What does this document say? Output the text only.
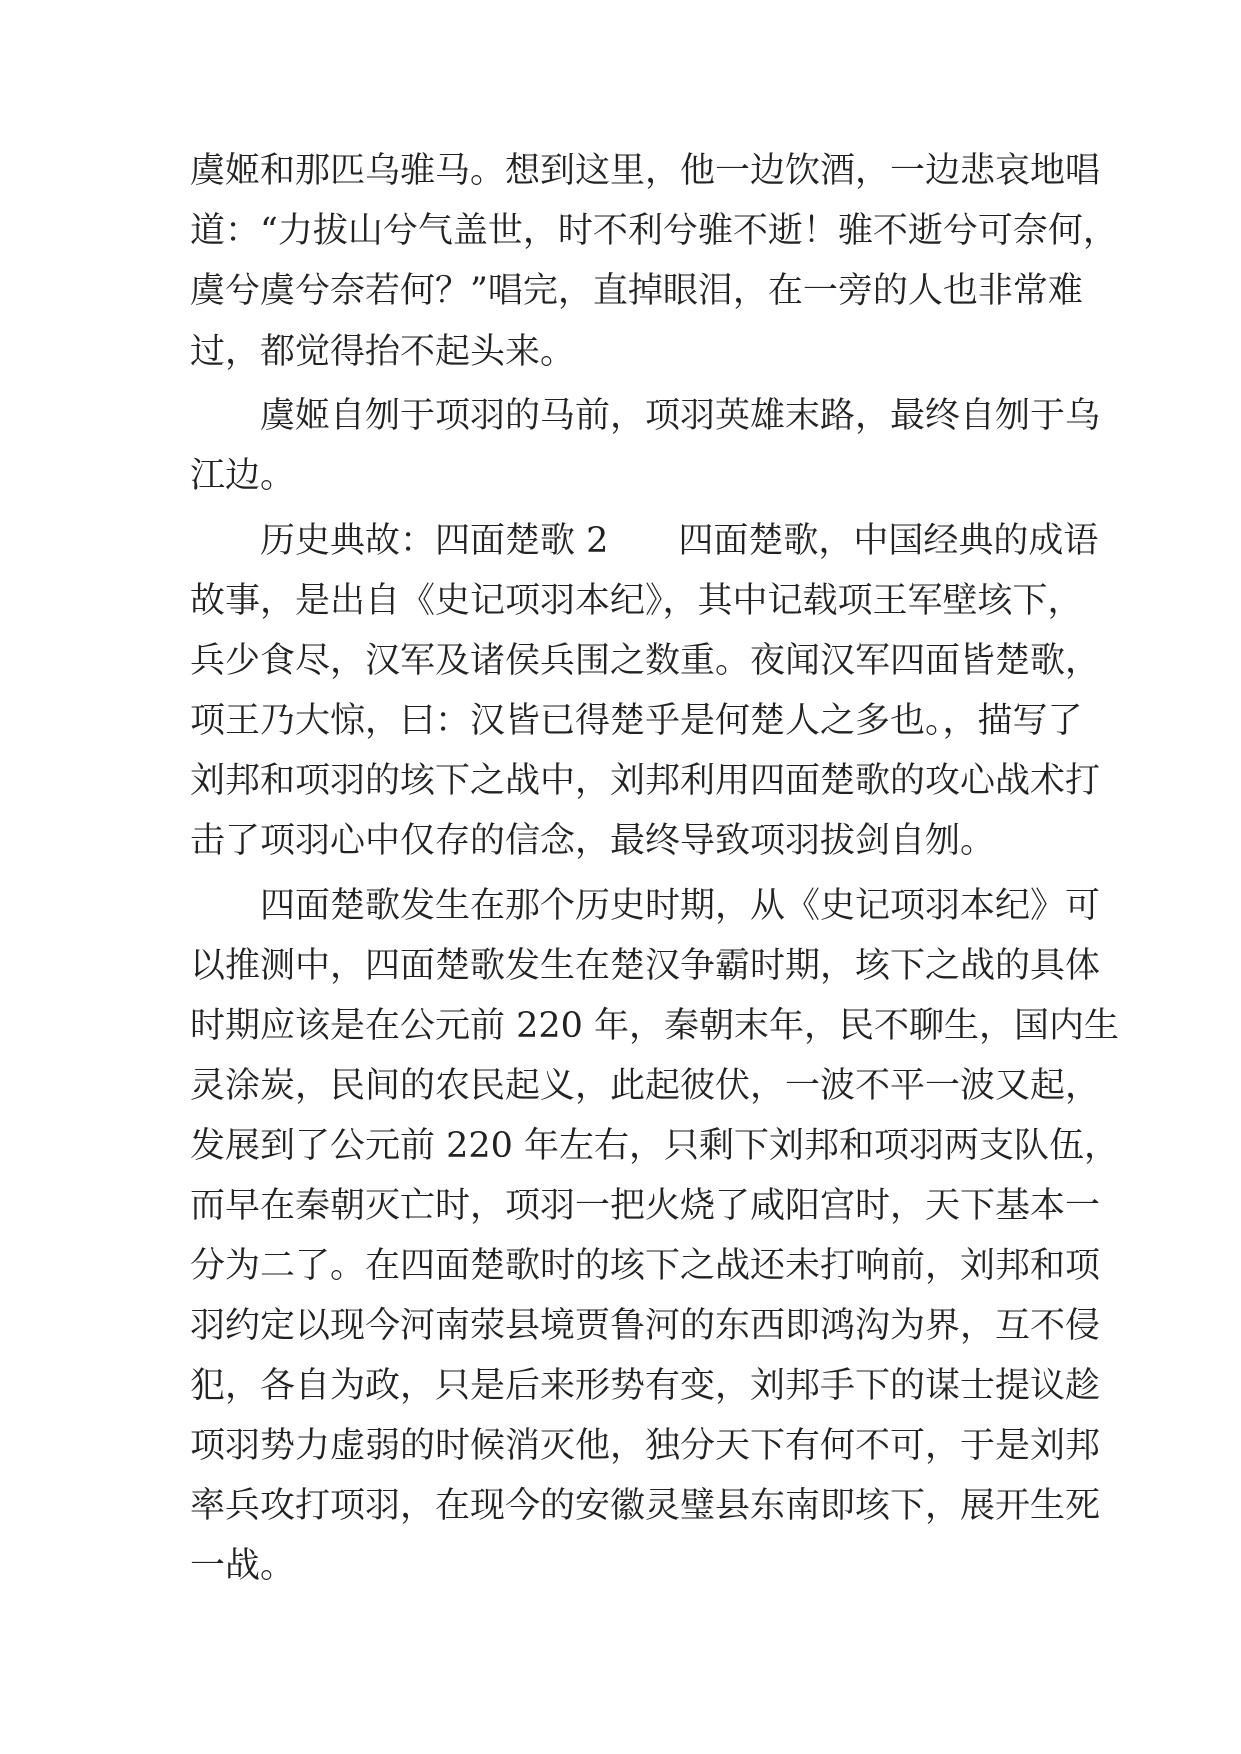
虞姬和那匹乌骓马。想到这里，他一边饮酒，一边悲哀地唱

道：“力拔山兮气盖世，时不利兮骓不逝！骓不逝兮可奈何，

虞兮虞兮奈若何？”唱完，直掉眼泪，在一旁的人也非常难

过，都觉得抬不起头来。

虞姬自刎于项羽的马前，项羽英雄末路，最终自刎于乌

江边。

历史典故：四面楚歌 2　　四面楚歌，中国经典的成语

故事，是出自《史记项羽本纪》，其中记载项王军壁垓下，

兵少食尽，汉军及诸侯兵围之数重。夜闻汉军四面皆楚歌，

项王乃大惊，曰：汉皆已得楚乎是何楚人之多也。，描写了

刘邦和项羽的垓下之战中，刘邦利用四面楚歌的攻心战术打

击了项羽心中仅存的信念，最终导致项羽拔剑自刎。

四面楚歌发生在那个历史时期，从《史记项羽本纪》可

以推测中，四面楚歌发生在楚汉争霸时期，垓下之战的具体

时期应该是在公元前 220 年，秦朝末年，民不聊生，国内生

灵涂炭，民间的农民起义，此起彼伏，一波不平一波又起，

发展到了公元前 220 年左右，只剩下刘邦和项羽两支队伍，

而早在秦朝灭亡时，项羽一把火烧了咸阳宫时，天下基本一

分为二了。在四面楚歌时的垓下之战还未打响前，刘邦和项

羽约定以现今河南荥县境贾鲁河的东西即鸿沟为界，互不侵

犯，各自为政，只是后来形势有变，刘邦手下的谋士提议趁

项羽势力虚弱的时候消灭他，独分天下有何不可，于是刘邦

率兵攻打项羽，在现今的安徽灵璧县东南即垓下，展开生死

一战。
